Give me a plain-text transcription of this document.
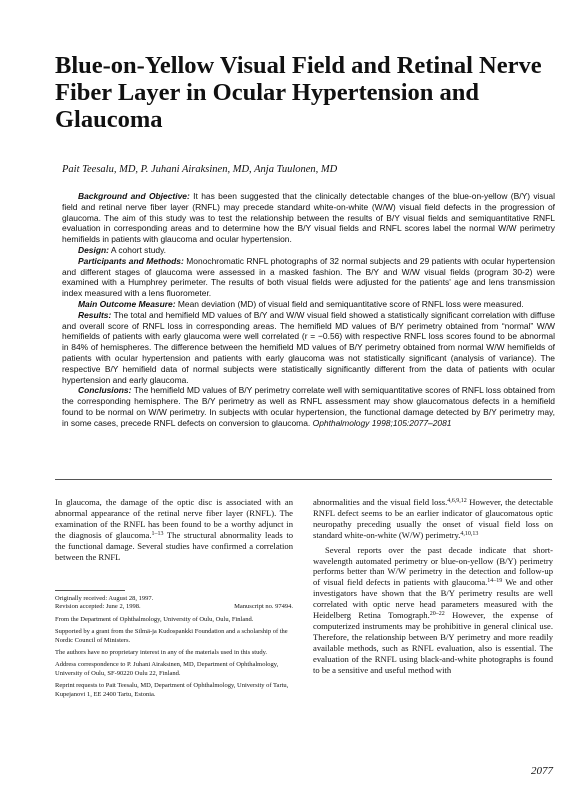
Blue-on-Yellow Visual Field and Retinal Nerve Fiber Layer in Ocular Hypertension and Glaucoma

Pait Teesalu, MD, P. Juhani Airaksinen, MD, Anja Tuulonen, MD

Background and Objective: It has been suggested that the clinically detectable changes of the blue-on-yellow (B/Y) visual field and retinal nerve fiber layer (RNFL) may precede standard white-on-white (W/W) visual field defects in the progression of glaucoma. The aim of this study was to test the relationship between the results of B/Y visual fields and semiquantitative RNFL evaluation in corresponding areas and to determine how the B/Y visual fields and RNFL scores label the normal W/W perimetry hemifields in patients with glaucoma and ocular hypertension.

Design: A cohort study.

Participants and Methods: Monochromatic RNFL photographs of 32 normal subjects and 29 patients with ocular hypertension and different stages of glaucoma were assessed in a masked fashion. The B/Y and W/W visual fields (program 30-2) were examined with a Humphrey perimeter. The results of both visual fields were adjusted for the patients' age and lens transmission index measured with a lens fluorometer.

Main Outcome Measure: Mean deviation (MD) of visual field and semiquantitative score of RNFL loss were measured.

Results: The total and hemifield MD values of B/Y and W/W visual field showed a statistically significant correlation with diffuse and overall score of RNFL loss in corresponding areas. The hemifield MD values of B/Y perimetry obtained from “normal” W/W hemifields of patients with early glaucoma were well correlated (r = −0.56) with respective RNFL loss scores found to be abnormal in 84% of hemispheres. The difference between the hemifield MD values of B/Y perimetry obtained from normal W/W hemifields of patients with ocular hypertension and patients with early glaucoma was not statistically significant (analysis of variance). The respective B/Y hemifield data of normal subjects were statistically significantly different from the data of patients with ocular hypertension and early glaucoma.

Conclusions: The hemifield MD values of B/Y perimetry correlate well with semiquantitative scores of RNFL loss obtained from the corresponding hemisphere. The B/Y perimetry as well as RNFL assessment may show glaucomatous defects in a hemifield found to be normal on W/W perimetry. In subjects with ocular hypertension, the functional damage detected by B/Y perimetry may, in some cases, precede RNFL defects on conversion to glaucoma. Ophthalmology 1998;105:2077–2081

In glaucoma, the damage of the optic disc is associated with an abnormal appearance of the retinal nerve fiber layer (RNFL). The examination of the RNFL has been found to be a worthy adjunct in the diagnosis of glaucoma.$^{1-13}$ The structural abnormality leads to the functional damage. Several studies have confirmed a correlation between the RNFL

Originally received: August 28, 1997.

Revision accepted: June 2, 1998.	Manuscript no. 97494.

From the Department of Ophthalmology, University of Oulu, Oulu, Finland.

Supported by a grant from the Silmä-ja Kudospankki Foundation and a scholarship of the Nordic Council of Ministers.

The authors have no proprietary interest in any of the materials used in this study.

Address correspondence to P. Juhani Airaksinen, MD, Department of Ophthalmology, University of Oulu, SF-90220 Oulu 22, Finland.

Reprint requests to Pait Teesalu, MD, Department of Ophthalmology, University of Tartu, Kupejanovi 1, EE 2400 Tartu, Estonia.

abnormalities and the visual field loss.$^{4,6,9,12}$ However, the detectable RNFL defect seems to be an earlier indicator of glaucomatous optic neuropathy preceding usually the onset of visual field loss on standard white-on-white (W/W) perimetry.$^{4,10,13}$

Several reports over the past decade indicate that short-wavelength automated perimetry or blue-on-yellow (B/Y) perimetry performs better than W/W perimetry in the detection and follow-up of visual field defects in patients with glaucoma.$^{14-19}$ We and other investigators have shown that the B/Y perimetry results are well correlated with optic nerve head parameters measured with the Heidelberg Retina Tomograph.$^{20-22}$ However, the expense of computerized instruments may be prohibitive in general clinical use. Therefore, the relationship between B/Y perimetry and more readily available methods, such as RNFL evaluation, also is essential. The evaluation of the RNFL using black-and-white photographs is found to be a sensitive and useful method with

2077
